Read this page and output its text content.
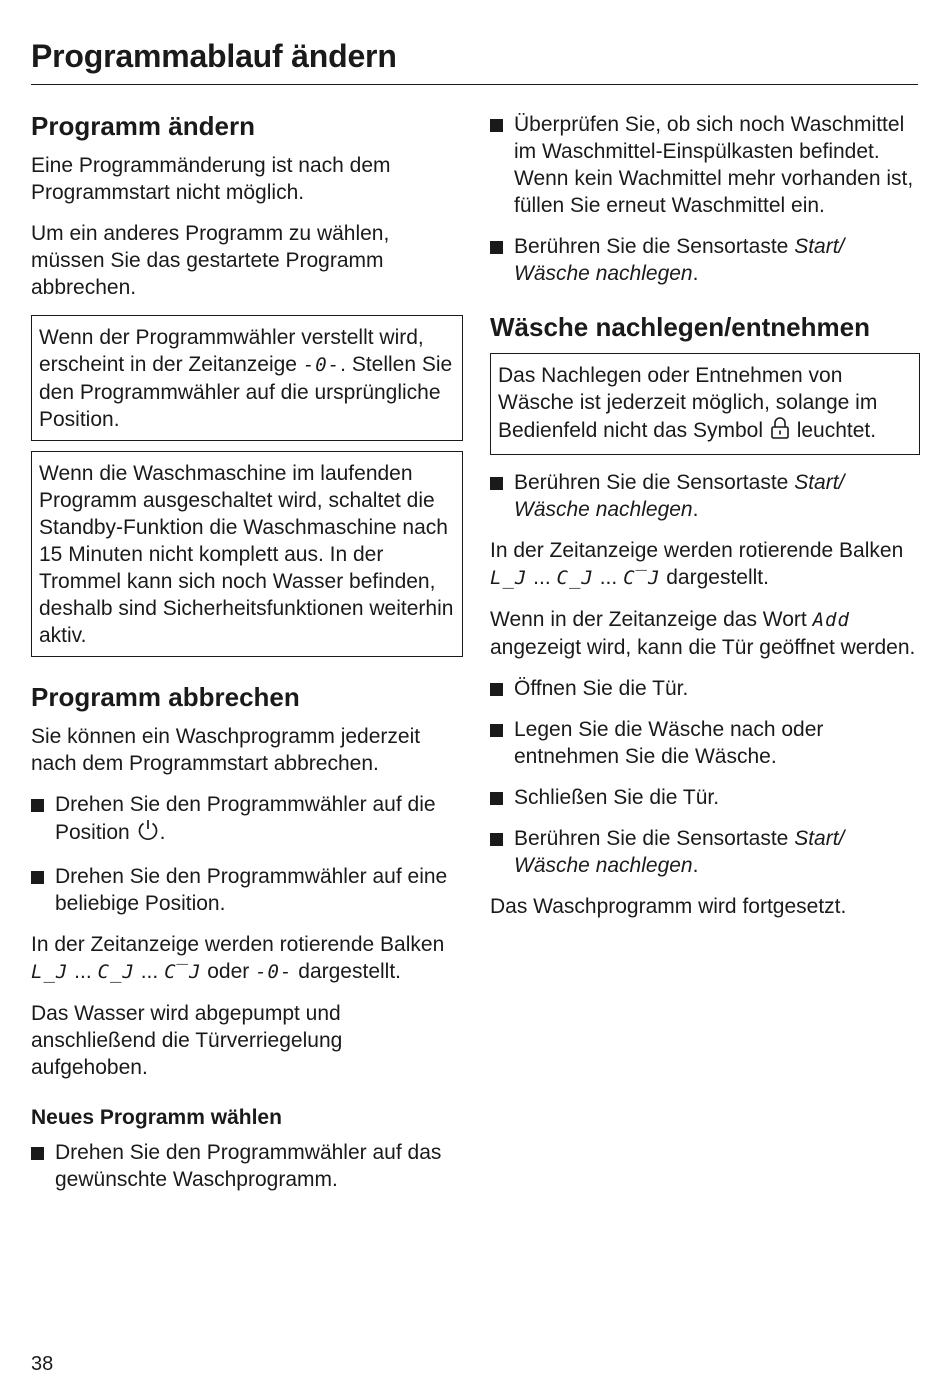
Programmablauf ändern
Programm ändern

Eine Programmänderung ist nach dem Programmstart nicht möglich.

Um ein anderes Programm zu wählen, müssen Sie das gestartete Programm abbrechen.

Wenn der Programmwähler verstellt wird, erscheint in der Zeitanzeige -0-. Stellen Sie den Programmwähler auf die ursprüngliche Position.
Wenn die Waschmaschine im laufenden Programm ausgeschaltet wird, schaltet die Standby-Funktion die Waschmaschine nach 15 Minuten nicht komplett aus. In der Trommel kann sich noch Wasser befinden, deshalb sind Sicherheitsfunktionen weiterhin aktiv.
Programm abbrechen

Sie können ein Waschprogramm jederzeit nach dem Programmstart abbrechen.

Drehen Sie den Programmwähler auf die Position .
Drehen Sie den Programmwähler auf eine beliebige Position.

In der Zeitanzeige werden rotierende Balken L_J ... C_J ... C‾J oder -0- dargestellt.

Das Wasser wird abgepumpt und anschließend die Türverriegelung aufgehoben.

Neues Programm wählen
Drehen Sie den Programmwähler auf das gewünschte Waschprogramm.
Überprüfen Sie, ob sich noch Waschmittel im Waschmittel-Einspülkasten befindet. Wenn kein Wachmittel mehr vorhanden ist, füllen Sie erneut Waschmittel ein.
Berühren Sie die Sensortaste Start/ Wäsche nachlegen.
Wäsche nachlegen/entnehmen
Das Nachlegen oder Entnehmen von Wäsche ist jederzeit möglich, solange im Bedienfeld nicht das Symbol leuchtet.
Berühren Sie die Sensortaste Start/ Wäsche nachlegen.

In der Zeitanzeige werden rotierende Balken L_J ... C_J ... C‾J dargestellt.

Wenn in der Zeitanzeige das Wort Add angezeigt wird, kann die Tür geöffnet werden.

Öffnen Sie die Tür.
Legen Sie die Wäsche nach oder entnehmen Sie die Wäsche.
Schließen Sie die Tür.
Berühren Sie die Sensortaste Start/ Wäsche nachlegen.

Das Waschprogramm wird fortgesetzt.

38
